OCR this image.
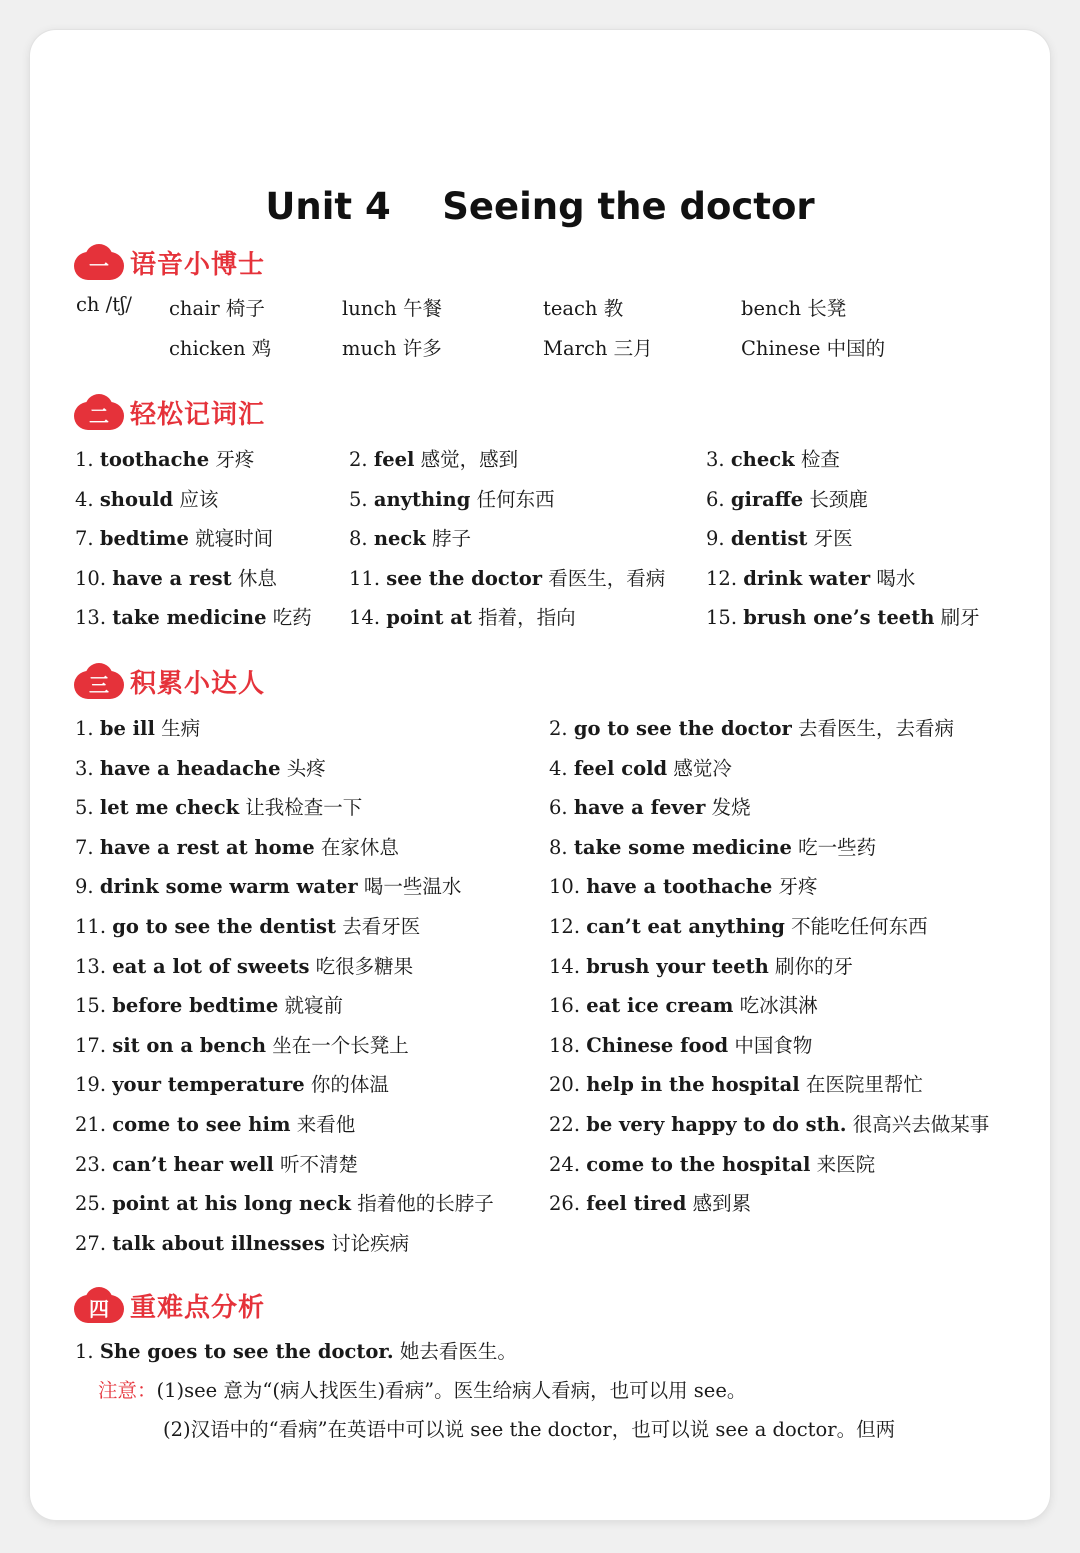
Unit 4    Seeing the doctor
一 语音小博士
ch /tʃ/ chair 椅子	lunch 午餐	teach 教	bench 长凳
chicken 鸡	much 许多	March 三月	Chinese 中国的
二 轻松记词汇
1. toothache 牙疼	2. feel 感觉，感到	3. check 检查
4. should 应该	5. anything 任何东西	6. giraffe 长颈鹿
7. bedtime 就寝时间	8. neck 脖子	9. dentist 牙医
10. have a rest 休息	11. see the doctor 看医生，看病 12. drink water 喝水
13. take medicine 吃药 14. point at 指着，指向	15. brush one’s teeth 刷牙
三 积累小达人
1. be ill 生病	2. go to see the doctor 去看医生，去看病
3. have a headache 头疼	4. feel cold 感觉冷
5. let me check 让我检查一下	6. have a fever 发烧
7. have a rest at home 在家休息	8. take some medicine 吃一些药
9. drink some warm water 喝一些温水	10. have a toothache 牙疼
11. go to see the dentist 去看牙医	12. can’t eat anything 不能吃任何东西
13. eat a lot of sweets 吃很多糖果	14. brush your teeth 刷你的牙
15. before bedtime 就寝前	16. eat ice cream 吃冰淇淋
17. sit on a bench 坐在一个长凳上	18. Chinese food 中国食物
19. your temperature 你的体温	20. help in the hospital 在医院里帮忙
21. come to see him 来看他	22. be very happy to do sth. 很高兴去做某事
23. can’t hear well 听不清楚	24. come to the hospital 来医院
25. point at his long neck 指着他的长脖子	26. feel tired 感到累
27. talk about illnesses 讨论疾病
四 重难点分析
1. She goes to see the doctor. 她去看医生。
注意：(1)see 意为“(病人找医生)看病”。医生给病人看病，也可以用 see。
(2)汉语中的“看病”在英语中可以说 see the doctor，也可以说 see a doctor。但两
